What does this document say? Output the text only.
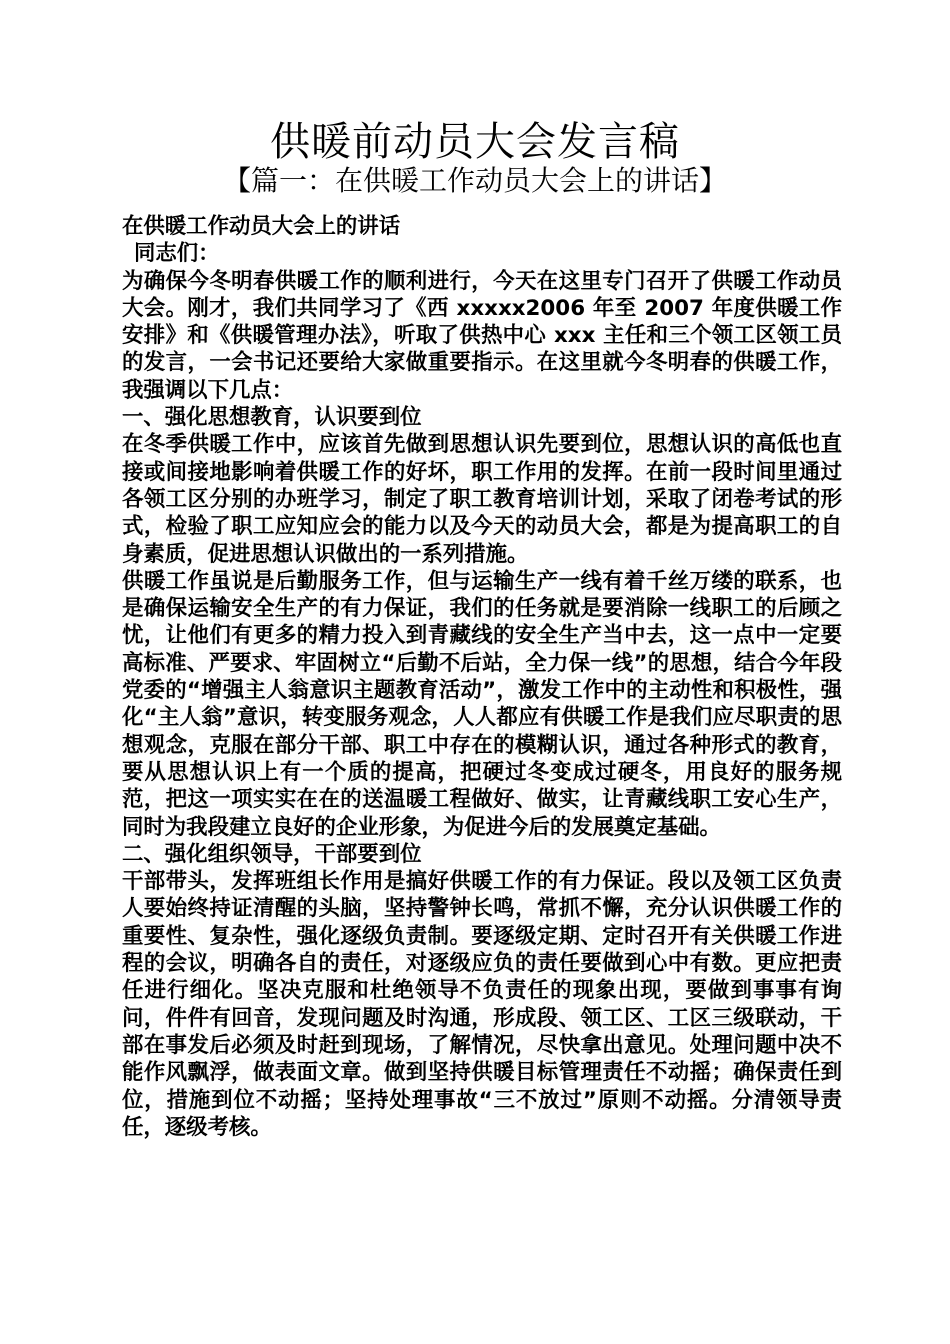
供暖前动员大会发言稿
【篇一：在供暖工作动员大会上的讲话】

在供暖工作动员大会上的讲话

同志们：

为确保今冬明春供暖工作的顺利进行，今天在这里专门召开了供暖工作动员大会。刚才，我们共同学习了《西 xxxxx2006 年至 2007 年度供暖工作安排》和《供暖管理办法》，听取了供热中心 xxx 主任和三个领工区领工员的发言，一会书记还要给大家做重要指示。在这里就今冬明春的供暖工作，我强调以下几点：

一、强化思想教育，认识要到位

在冬季供暖工作中，应该首先做到思想认识先要到位，思想认识的高低也直接或间接地影响着供暖工作的好坏，职工作用的发挥。在前一段时间里通过各领工区分别的办班学习，制定了职工教育培训计划，采取了闭卷考试的形式，检验了职工应知应会的能力以及今天的动员大会，都是为提高职工的自身素质，促进思想认识做出的一系列措施。

供暖工作虽说是后勤服务工作，但与运输生产一线有着千丝万缕的联系，也是确保运输安全生产的有力保证，我们的任务就是要消除一线职工的后顾之忧，让他们有更多的精力投入到青藏线的安全生产当中去，这一点中一定要高标准、严要求、牢固树立“后勤不后站，全力保一线”的思想，结合今年段党委的“增强主人翁意识主题教育活动”，激发工作中的主动性和积极性，强化“主人翁”意识，转变服务观念，人人都应有供暖工作是我们应尽职责的思想观念，克服在部分干部、职工中存在的模糊认识，通过各种形式的教育，要从思想认识上有一个质的提高，把硬过冬变成过硬冬，用良好的服务规范，把这一项实实在在的送温暖工程做好、做实，让青藏线职工安心生产，同时为我段建立良好的企业形象，为促进今后的发展奠定基础。

二、强化组织领导，干部要到位

干部带头，发挥班组长作用是搞好供暖工作的有力保证。段以及领工区负责人要始终持证清醒的头脑，坚持警钟长鸣，常抓不懈，充分认识供暖工作的重要性、复杂性，强化逐级负责制。要逐级定期、定时召开有关供暖工作进程的会议，明确各自的责任，对逐级应负的责任要做到心中有数。更应把责任进行细化。坚决克服和杜绝领导不负责任的现象出现，要做到事事有询问，件件有回音，发现问题及时沟通，形成段、领工区、工区三级联动，干部在事发后必须及时赶到现场，了解情况，尽快拿出意见。处理问题中决不能作风飘浮，做表面文章。做到坚持供暖目标管理责任不动摇；确保责任到位，措施到位不动摇；坚持处理事故“三不放过”原则不动摇。分清领导责任，逐级考核。
